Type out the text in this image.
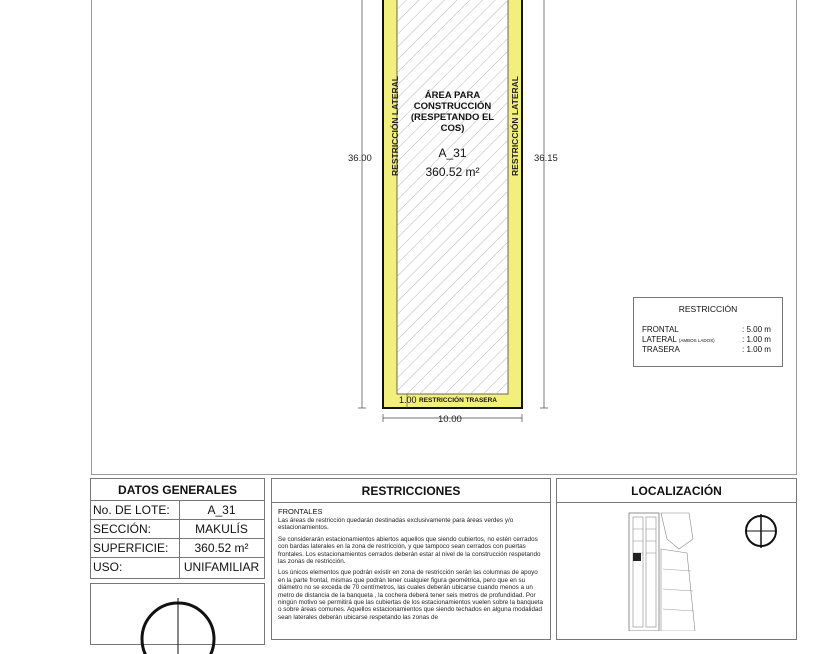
ÁREA PARA CONSTRUCCIÓN (RESPETANDO EL COS)
A_31
360.52 m²
RESTRICCIÓN LATERAL	RESTRICCIÓN LATERAL
36.00	36.15
10.00
1.00 RESTRICCIÓN TRASERA
RESTRICCIÓN
FRONTAL	: 5.00 m
LATERAL (AMBOS LADOS)	: 1.00 m
TRASERA	: 1.00 m
DATOS GENERALES
No. DE LOTE:	A_31
SECCIÓN:	MAKULÍS
SUPERFICIE:	360.52 m²
USO:	UNIFAMILIAR
RESTRICCIONES
FRONTALES

Las áreas de restricción quedarán destinadas exclusivamente para áreas verdes y/o estacionamientos.

Se considerarán estacionamientos abiertos aquellos que siendo cubiertos, no estén cerrados con bardas laterales en la zona de restricción, y que tampoco sean cerrados con puertas frontales. Los estacionamientos cerrados deberán estar al nivel de la construcción respetando las zonas de restricción.

Los únicos elementos que podrán existir en zona de restricción serán las columnas de apoyo en la parte frontal, mismas que podrán tener cualquier figura geométrica, pero que en su diámetro no se exceda de 70 centímetros, las cuales deberán ubicarse cuando menos a un metro de distancia de la banqueta , la cochera deberá tener seis metros de profundidad. Por ningún motivo se permitirá que las cubiertas de los estacionamientos vuelen sobre la banqueta o sobre áreas comunes. Aquellos estacionamientos que siendo techados en alguna modalidad sean laterales deberán ubicarse respetando las zonas de

LOCALIZACIÓN
